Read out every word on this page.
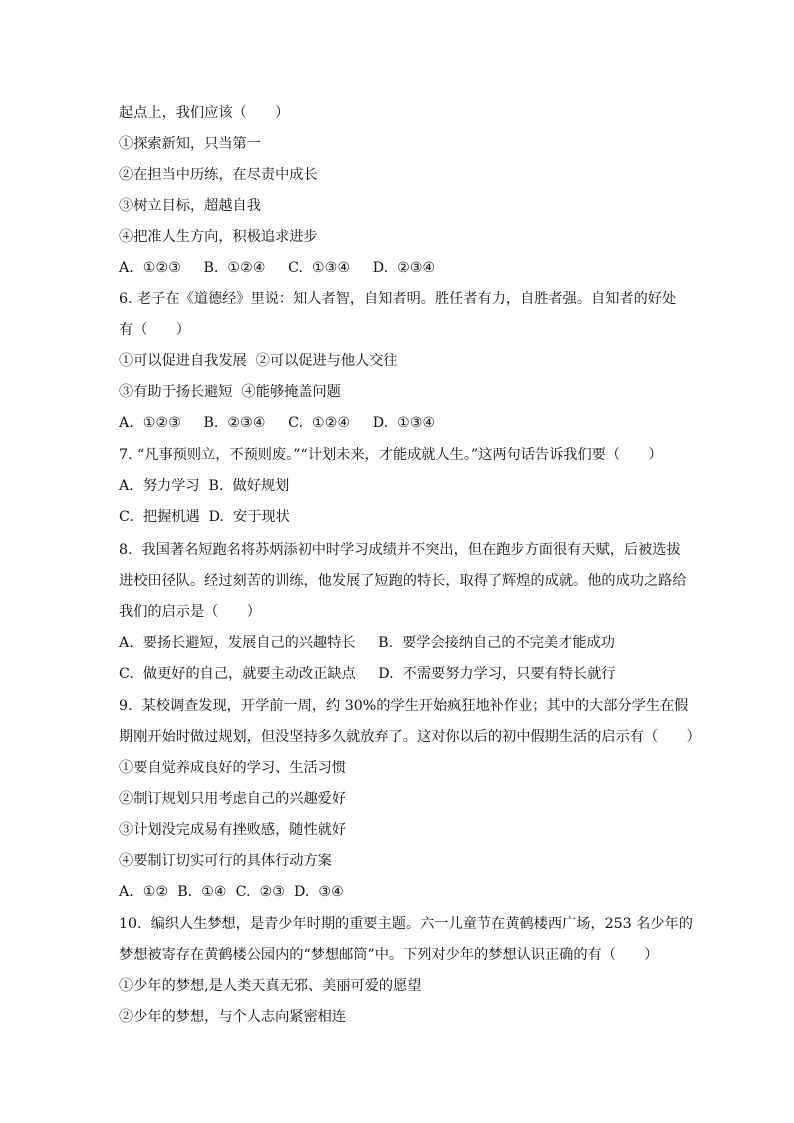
起点上，我们应该（　　）
①探索新知，只当第一
②在担当中历练，在尽责中成长
③树立目标，超越自我
④把准人生方向，积极追求进步
A.  ①②③     B.  ①②④     C.  ①③④     D.  ②③④
6. 老子在《道德经》里说：知人者智，自知者明。胜任者有力，自胜者强。自知者的好处
有（　　）
①可以促进自我发展  ②可以促进与他人交往
③有助于扬长避短  ④能够掩盖问题
A.  ①②③     B.  ②③④     C.  ①②④     D.  ①③④
7. “凡事预则立，不预则废。”“计划未来，才能成就人生。”这两句话告诉我们要（　　）
A.  努力学习  B.  做好规划
C.  把握机遇  D.  安于现状
8.  我国著名短跑名将苏炳添初中时学习成绩并不突出，但在跑步方面很有天赋，后被选拔
进校田径队。经过刻苦的训练，他发展了短跑的特长，取得了辉煌的成就。他的成功之路给
我们的启示是（　　）
A.  要扬长避短，发展自己的兴趣特长     B.  要学会接纳自己的不完美才能成功
C.  做更好的自己，就要主动改正缺点     D.  不需要努力学习，只要有特长就行
9.  某校调查发现，开学前一周，约 30%的学生开始疯狂地补作业；其中的大部分学生在假
期刚开始时做过规划，但没坚持多久就放弃了。这对你以后的初中假期生活的启示有（　　）
①要自觉养成良好的学习、生活习惯
②制订规划只用考虑自己的兴趣爱好
③计划没完成易有挫败感，随性就好
④要制订切实可行的具体行动方案
A.  ①②  B.  ①④  C.  ②③  D.  ③④
10.  编织人生梦想，是青少年时期的重要主题。六一儿童节在黄鹤楼西广场，253 名少年的
梦想被寄存在黄鹤楼公园内的“梦想邮筒”中。下列对少年的梦想认识正确的有（　　）
①少年的梦想,是人类天真无邪、美丽可爱的愿望
②少年的梦想，与个人志向紧密相连
